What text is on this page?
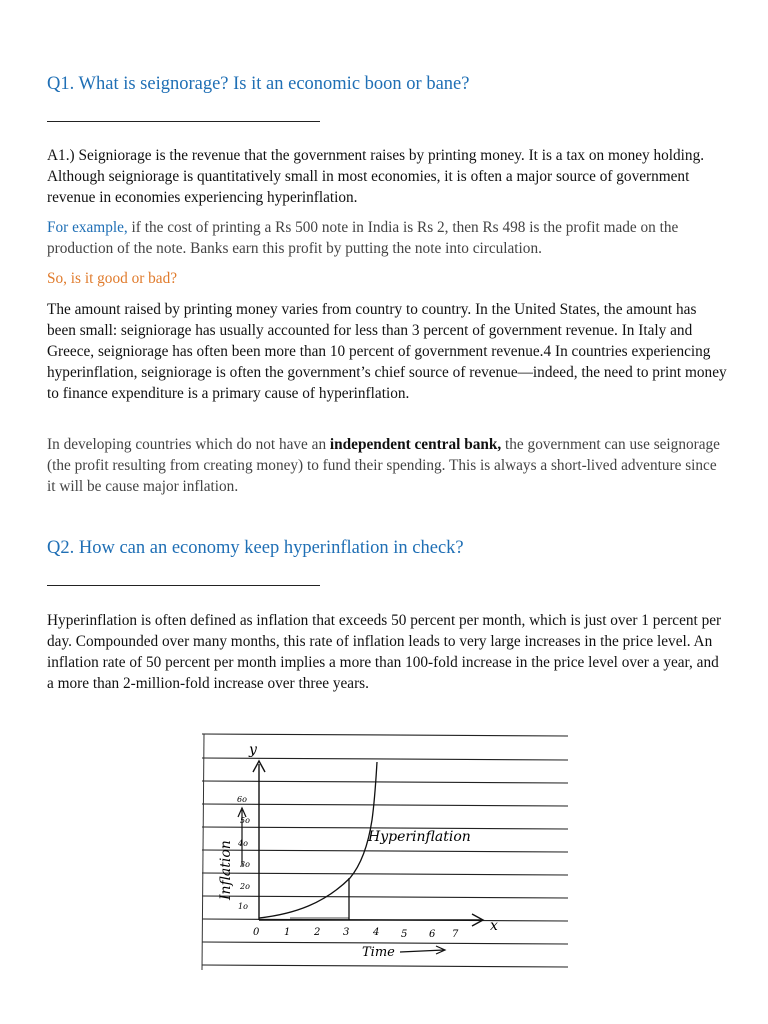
Q1. What is seignorage? Is it an economic boon or bane?

A1.) Seigniorage is the revenue that the government raises by printing money. It is a tax on money holding. Although seigniorage is quantitatively small in most economies, it is often a major source of government revenue in economies experiencing hyperinflation.

For example, if the cost of printing a Rs 500 note in India is Rs 2, then Rs 498 is the profit made on the production of the note. Banks earn this profit by putting the note into circulation.

So, is it good or bad?

The amount raised by printing money varies from country to country. In the United States, the amount has been small: seigniorage has usually accounted for less than 3 percent of government revenue. In Italy and Greece, seigniorage has often been more than 10 percent of government revenue.4 In countries experiencing hyperinflation, seigniorage is often the government’s chief source of revenue—indeed, the need to print money to finance expenditure is a primary cause of hyperinflation.

In developing countries which do not have an independent central bank, the government can use seignorage (the profit resulting from creating money) to fund their spending. This is always a short-lived adventure since it will be cause major inflation.

Q2. How can an economy keep hyperinflation in check?

Hyperinflation is often defined as inflation that exceeds 50 percent per month, which is just over 1 percent per day. Compounded over many months, this rate of inflation leads to very large increases in the price level. An inflation rate of 50 percent per month implies a more than 100-fold increase in the price level over a year, and a more than 2-million-fold increase over three years.

y
x
Inflation
1o
2o
3o
4o
5o
6o
0 1 2 3 4 5 6 7
Hyperinflation
Time
